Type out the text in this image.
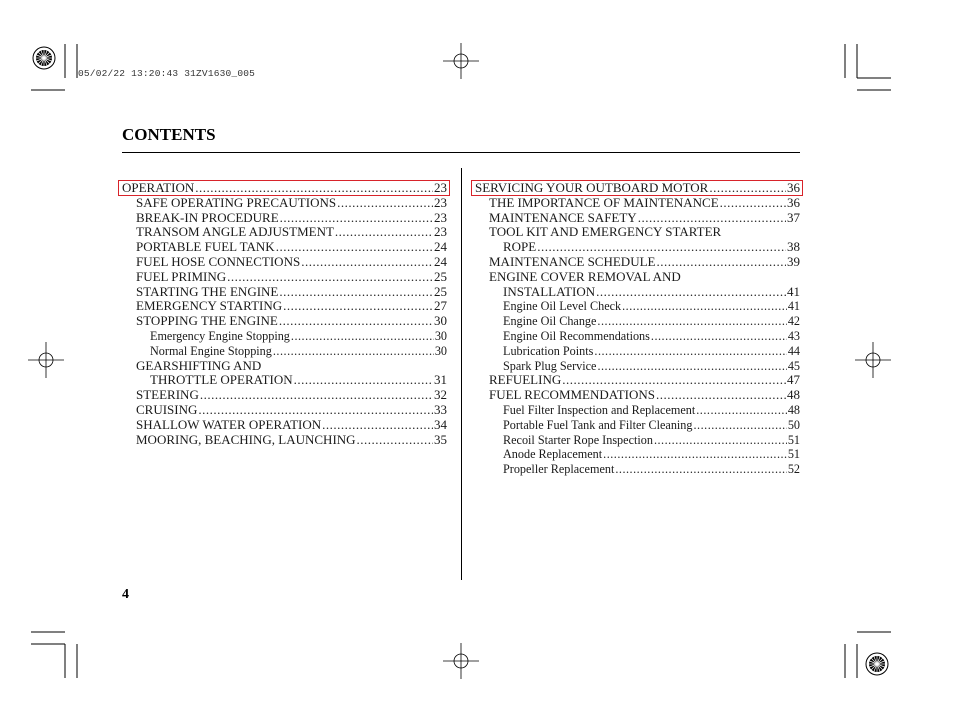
05/02/22 13:20:43 31ZV1630_005
CONTENTS
OPERATION .....	23
SAFE OPERATING PRECAUTIONS .....	23
BREAK-IN PROCEDURE .....	23
TRANSOM ANGLE ADJUSTMENT .....	23
PORTABLE FUEL TANK .....	24
FUEL HOSE CONNECTIONS .....	24
FUEL PRIMING .....	25
STARTING THE ENGINE .....	25
EMERGENCY STARTING .....	27
STOPPING THE ENGINE .....	30
Emergency Engine Stopping .....	30
Normal Engine Stopping .....	30
GEARSHIFTING AND
THROTTLE OPERATION .....	31
STEERING .....	32
CRUISING .....	33
SHALLOW WATER OPERATION .....	34
MOORING, BEACHING, LAUNCHING .....	35
SERVICING YOUR OUTBOARD MOTOR .....	36
THE IMPORTANCE OF MAINTENANCE .....	36
MAINTENANCE SAFETY .....	37
TOOL KIT AND EMERGENCY STARTER
ROPE .....	38
MAINTENANCE SCHEDULE .....	39
ENGINE COVER REMOVAL AND
INSTALLATION .....	41
Engine Oil Level Check .....	41
Engine Oil Change .....	42
Engine Oil Recommendations .....	43
Lubrication Points .....	44
Spark Plug Service .....	45
REFUELING .....	47
FUEL RECOMMENDATIONS .....	48
Fuel Filter Inspection and Replacement .....	48
Portable Fuel Tank and Filter Cleaning .....	50
Recoil Starter Rope Inspection .....	51
Anode Replacement .....	51
Propeller Replacement .....	52
4
